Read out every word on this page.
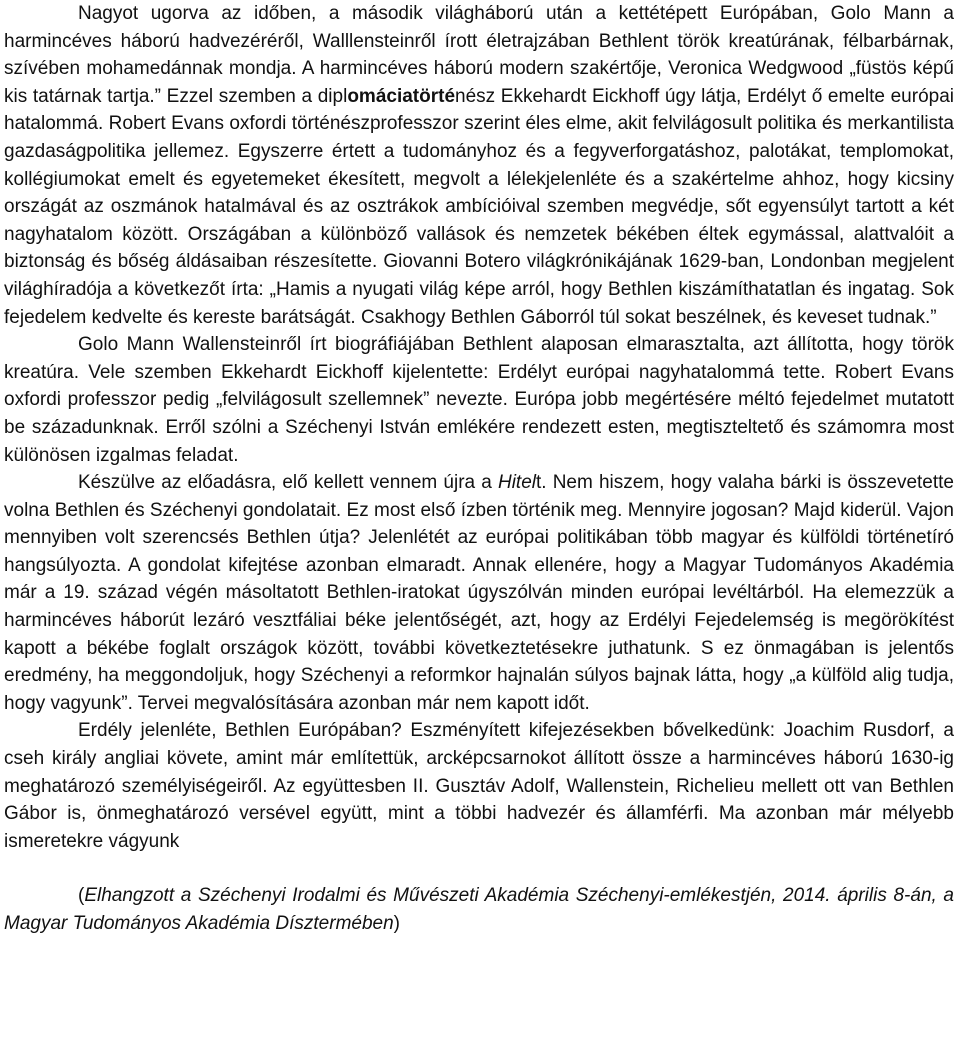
Nagyot ugorva az időben, a második világháború után a kettétépett Európában, Golo Mann a harmincéves háború hadvezéréről, Walllensteinről írott életrajzában Bethlent török kreatúrának, félbarbárnak, szívében mohamedánnak mondja. A harmincéves háború modern szakértője, Veronica Wedgwood „füstös képű kis tatárnak tartja.” Ezzel szemben a diplomáciatörténész Ekkehardt Eickhoff úgy látja, Erdélyt ő emelte európai hatalommá. Robert Evans oxfordi történészprofesszor szerint éles elme, akit felvilágosult politika és merkantilista gazdaságpolitika jellemez. Egyszerre értett a tudományhoz és a fegyverforgatáshoz, palotákat, templomokat, kollégiumokat emelt és egyetemeket ékesített, megvolt a lélekjelenléte és a szakértelme ahhoz, hogy kicsiny országát az oszmánok hatalmával és az osztrákok ambícióival szemben megvédje, sőt egyensúlyt tartott a két nagyhatalom között. Országában a különböző vallások és nemzetek békében éltek egymással, alattvalóit a biztonság és bőség áldásaiban részesítette. Giovanni Botero világkrónikájának 1629-ban, Londonban megjelent világhíradója a következőt írta: „Hamis a nyugati világ képe arról, hogy Bethlen kiszámíthatatlan és ingatag. Sok fejedelem kedvelte és kereste barátságát. Csakhogy Bethlen Gáborról túl sokat beszélnek, és keveset tudnak.”

Golo Mann Wallensteinről írt biográfiájában Bethlent alaposan elmarasztalta, azt állította, hogy török kreatúra. Vele szemben Ekkehardt Eickhoff kijelentette: Erdélyt európai nagyhatalommá tette. Robert Evans oxfordi professzor pedig „felvilágosult szellemnek” nevezte. Európa jobb megértésére méltó fejedelmet mutatott be századunknak. Erről szólni a Széchenyi István emlékére rendezett esten, megtiszteltető és számomra most különösen izgalmas feladat.

Készülve az előadásra, elő kellett vennem újra a Hitelt. Nem hiszem, hogy valaha bárki is összevetette volna Bethlen és Széchenyi gondolatait. Ez most első ízben történik meg. Mennyire jogosan? Majd kiderül. Vajon mennyiben volt szerencsés Bethlen útja? Jelenlétét az európai politikában több magyar és külföldi történetíró hangsúlyozta. A gondolat kifejtése azonban elmaradt. Annak ellenére, hogy a Magyar Tudományos Akadémia már a 19. század végén másoltatott Bethlen-iratokat úgyszólván minden európai levéltárból. Ha elemezzük a harmincéves háborút lezáró vesztfáliai béke jelentőségét, azt, hogy az Erdélyi Fejedelemség is megörökítést kapott a békébe foglalt országok között, további következtetésekre juthatunk. S ez önmagában is jelentős eredmény, ha meggondoljuk, hogy Széchenyi a reformkor hajnalán súlyos bajnak látta, hogy „a külföld alig tudja, hogy vagyunk”. Tervei megvalósítására azonban már nem kapott időt.

Erdély jelenléte, Bethlen Európában? Eszményített kifejezésekben bővelkedünk: Joachim Rusdorf, a cseh király angliai követe, amint már említettük, arcképcsarnokot állított össze a harmincéves háború 1630-ig meghatározó személyiségeiről. Az együttesben II. Gusztáv Adolf, Wallenstein, Richelieu mellett ott van Bethlen Gábor is, önmeghatározó versével együtt, mint a többi hadvezér és államférfi. Ma azonban már mélyebb ismeretekre vágyunk

(Elhangzott a Széchenyi Irodalmi és Művészeti Akadémia Széchenyi-emlékestjén, 2014. április 8-án, a Magyar Tudományos Akadémia Dísztermében)
